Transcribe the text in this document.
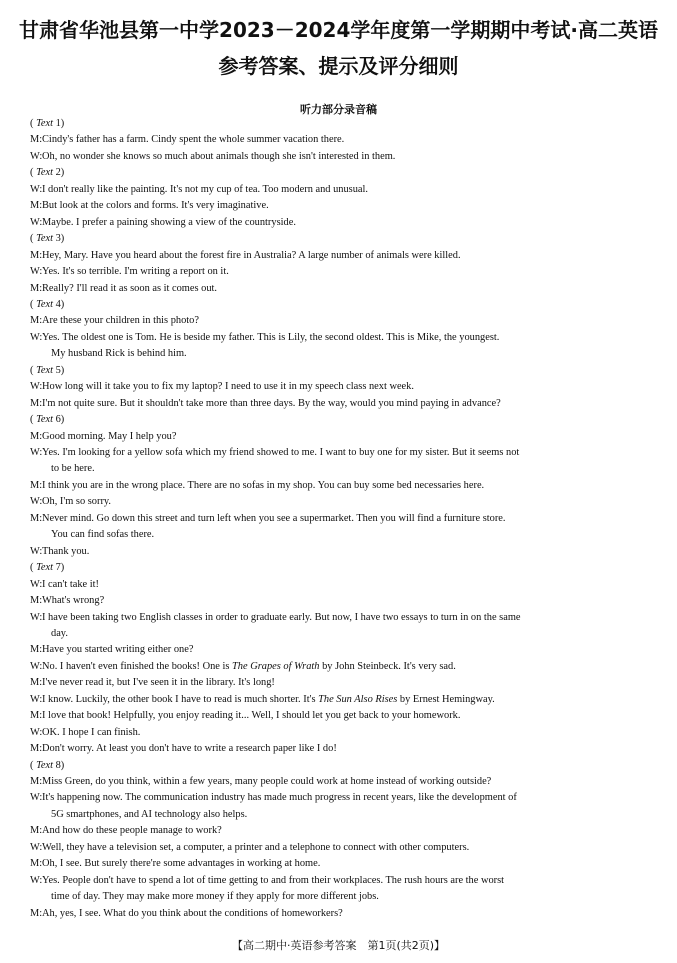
甘肃省华池县第一中学2023－2024学年度第一学期期中考试·高二英语
参考答案、提示及评分细则
听力部分录音稿
( Text 1)
M:Cindy's father has a farm. Cindy spent the whole summer vacation there.
W:Oh, no wonder she knows so much about animals though she isn't interested in them.
( Text 2)
W:I don't really like the painting. It's not my cup of tea. Too modern and unusual.
M:But look at the colors and forms. It's very imaginative.
W:Maybe. I prefer a paining showing a view of the countryside.
( Text 3)
M:Hey, Mary. Have you heard about the forest fire in Australia? A large number of animals were killed.
W:Yes. It's so terrible. I'm writing a report on it.
M:Really? I'll read it as soon as it comes out.
( Text 4)
M:Are these your children in this photo?
W:Yes. The oldest one is Tom. He is beside my father. This is Lily, the second oldest. This is Mike, the youngest.
My husband Rick is behind him.
( Text 5)
W:How long will it take you to fix my laptop? I need to use it in my speech class next week.
M:I'm not quite sure. But it shouldn't take more than three days. By the way, would you mind paying in advance?
( Text 6)
M:Good morning. May I help you?
W:Yes. I'm looking for a yellow sofa which my friend showed to me. I want to buy one for my sister. But it seems not
to be here.
M:I think you are in the wrong place. There are no sofas in my shop. You can buy some bed necessaries here.
W:Oh, I'm so sorry.
M:Never mind. Go down this street and turn left when you see a supermarket. Then you will find a furniture store.
You can find sofas there.
W:Thank you.
( Text 7)
W:I can't take it!
M:What's wrong?
W:I have been taking two English classes in order to graduate early. But now, I have two essays to turn in on the same
day.
M:Have you started writing either one?
W:No. I haven't even finished the books! One is The Grapes of Wrath by John Steinbeck. It's very sad.
M:I've never read it, but I've seen it in the library. It's long!
W:I know. Luckily, the other book I have to read is much shorter. It's The Sun Also Rises by Ernest Hemingway.
M:I love that book! Helpfully, you enjoy reading it... Well, I should let you get back to your homework.
W:OK. I hope I can finish.
M:Don't worry. At least you don't have to write a research paper like I do!
( Text 8)
M:Miss Green, do you think, within a few years, many people could work at home instead of working outside?
W:It's happening now. The communication industry has made much progress in recent years, like the development of
5G smartphones, and AI technology also helps.
M:And how do these people manage to work?
W:Well, they have a television set, a computer, a printer and a telephone to connect with other computers.
M:Oh, I see. But surely there're some advantages in working at home.
W:Yes. People don't have to spend a lot of time getting to and from their workplaces. The rush hours are the worst
time of day. They may make more money if they apply for more different jobs.
M:Ah, yes, I see. What do you think about the conditions of homeworkers?
【高二期中·英语参考答案　第1页(共2页)】
